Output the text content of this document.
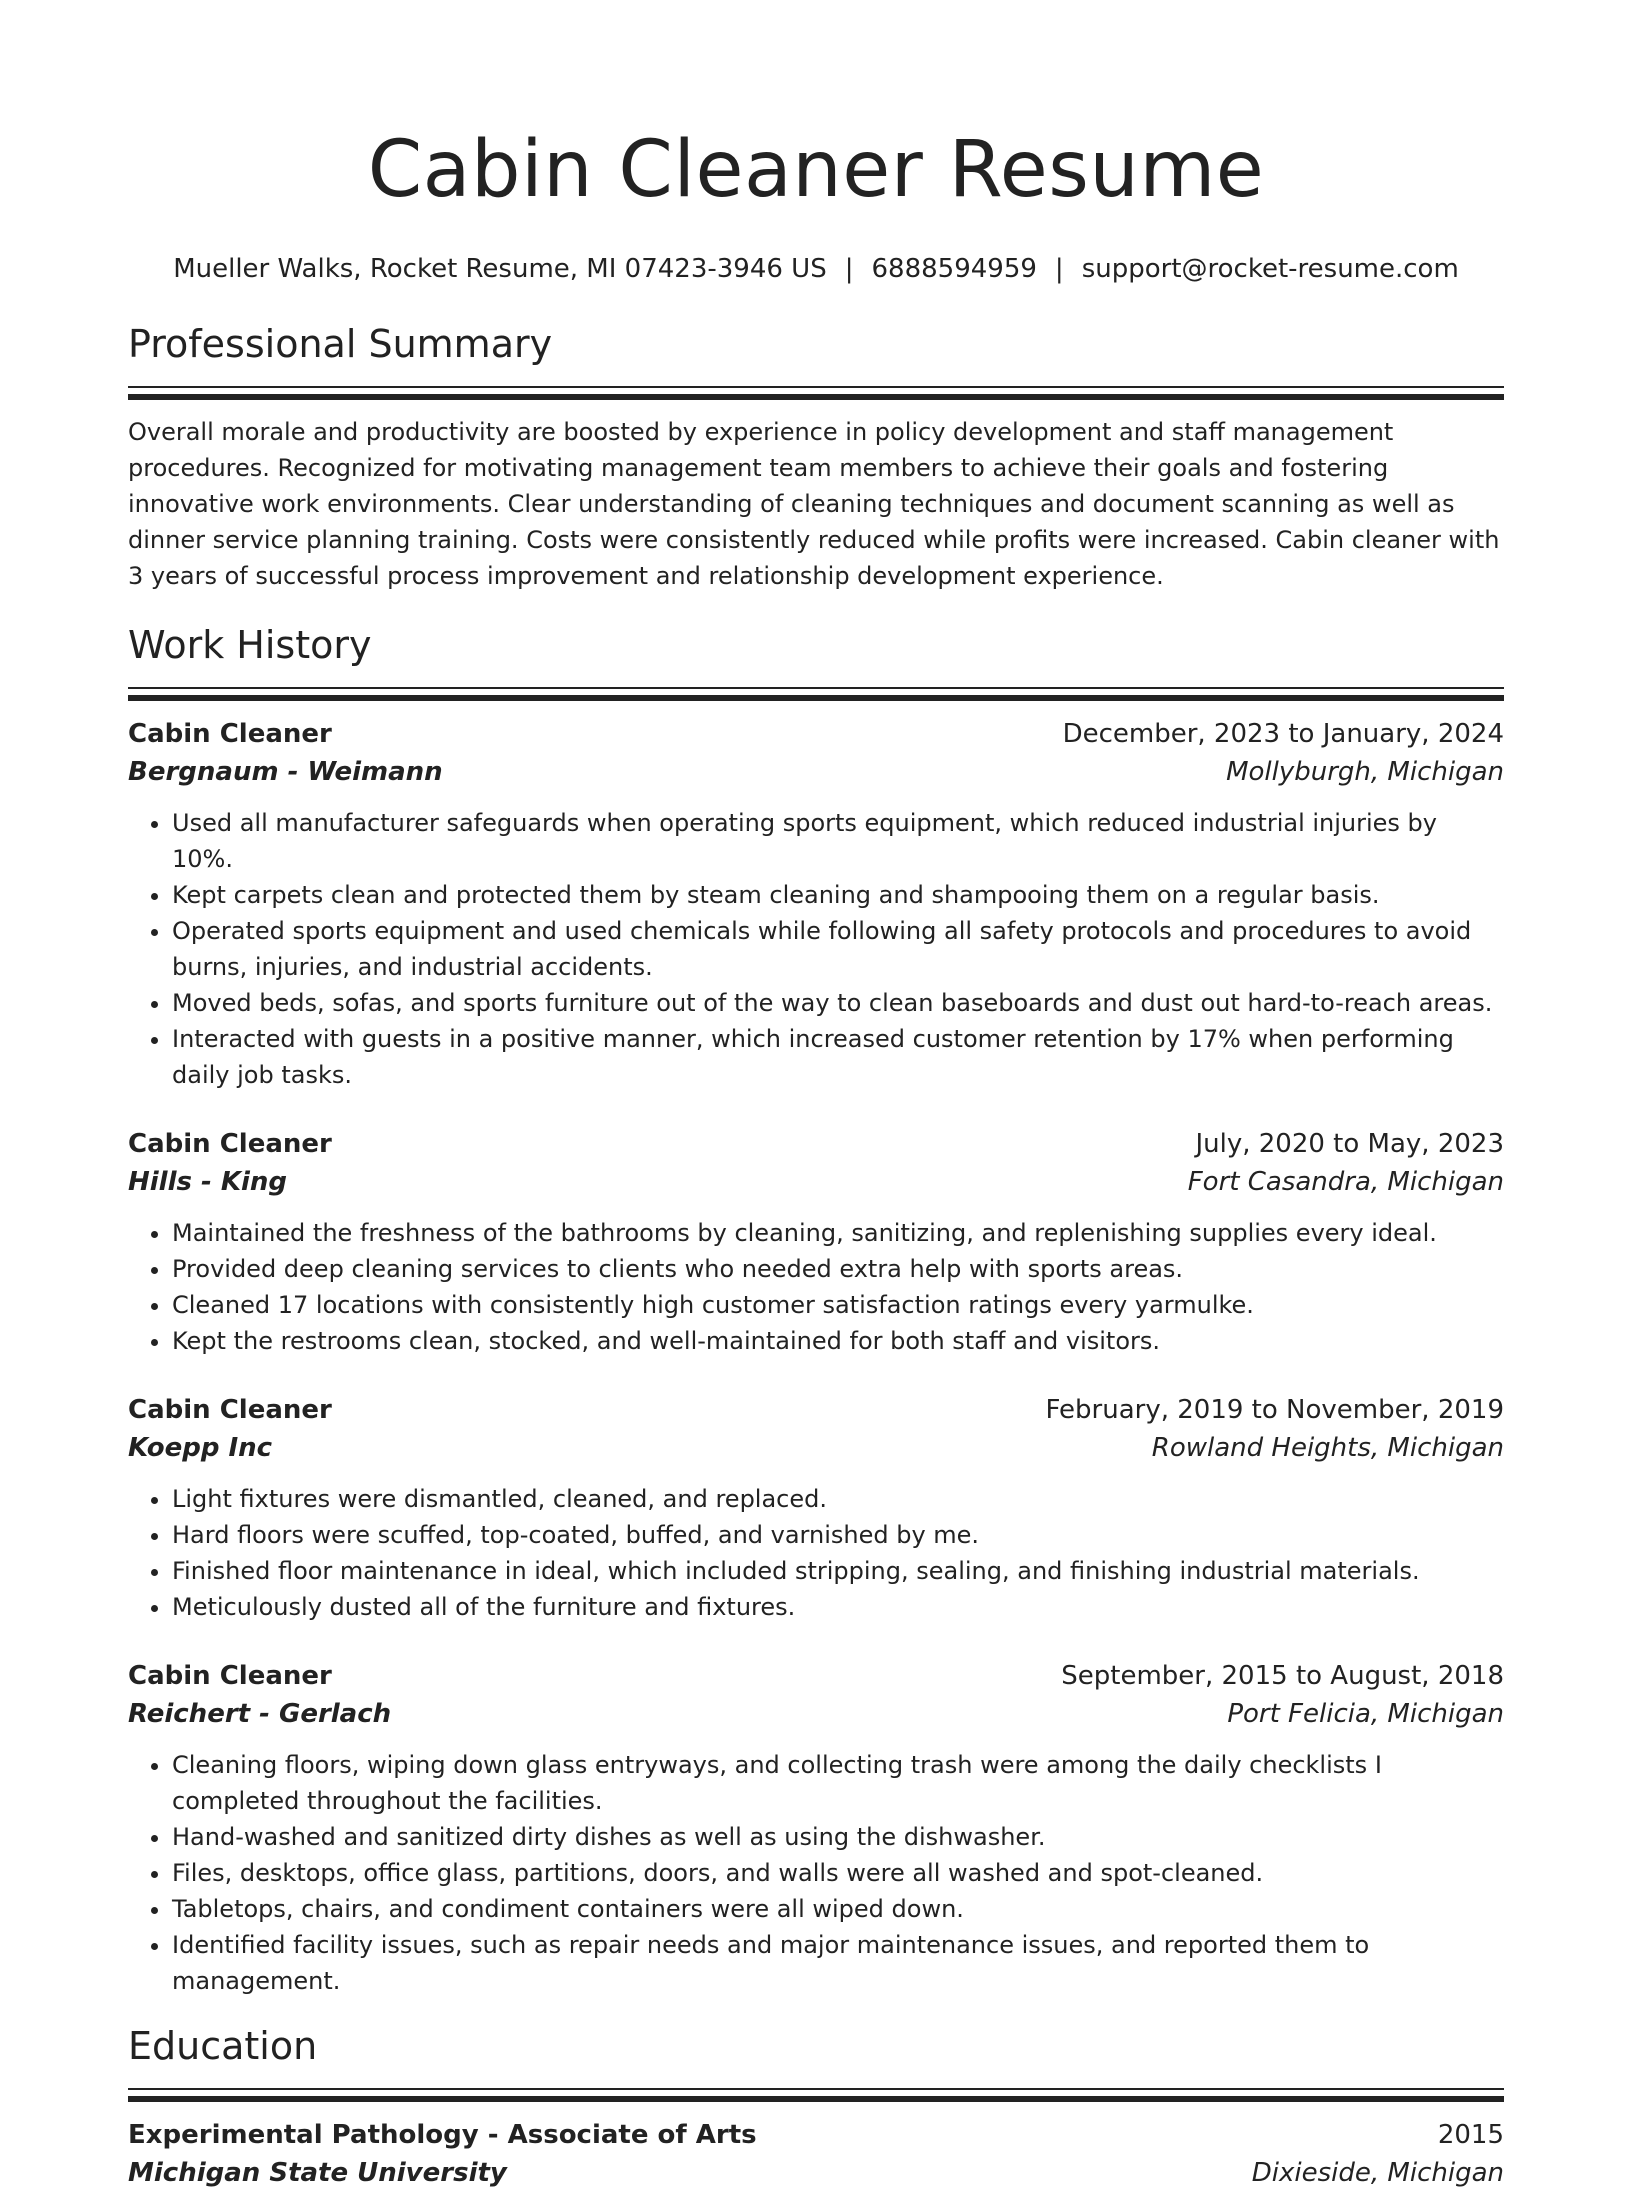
Cabin Cleaner Resume
Mueller Walks, Rocket Resume, MI 07423-3946 US | 6888594959 | support@rocket-resume.com
Professional Summary

Overall morale and productivity are boosted by experience in policy development and staff management procedures. Recognized for motivating management team members to achieve their goals and fostering innovative work environments. Clear understanding of cleaning techniques and document scanning as well as dinner service planning training. Costs were consistently reduced while profits were increased. Cabin cleaner with 3 years of successful process improvement and relationship development experience.

Work History
Cabin Cleaner	December, 2023 to January, 2024
Bergnaum - Weimann	Mollyburgh, Michigan
• Used all manufacturer safeguards when operating sports equipment, which reduced industrial injuries by 10%.
• Kept carpets clean and protected them by steam cleaning and shampooing them on a regular basis.
• Operated sports equipment and used chemicals while following all safety protocols and procedures to avoid burns, injuries, and industrial accidents.
• Moved beds, sofas, and sports furniture out of the way to clean baseboards and dust out hard-to-reach areas.
• Interacted with guests in a positive manner, which increased customer retention by 17% when performing daily job tasks.
Cabin Cleaner	July, 2020 to May, 2023
Hills - King	Fort Casandra, Michigan
• Maintained the freshness of the bathrooms by cleaning, sanitizing, and replenishing supplies every ideal.
• Provided deep cleaning services to clients who needed extra help with sports areas.
• Cleaned 17 locations with consistently high customer satisfaction ratings every yarmulke.
• Kept the restrooms clean, stocked, and well-maintained for both staff and visitors.
Cabin Cleaner	February, 2019 to November, 2019
Koepp Inc	Rowland Heights, Michigan
• Light fixtures were dismantled, cleaned, and replaced.
• Hard floors were scuffed, top-coated, buffed, and varnished by me.
• Finished floor maintenance in ideal, which included stripping, sealing, and finishing industrial materials.
• Meticulously dusted all of the furniture and fixtures.
Cabin Cleaner	September, 2015 to August, 2018
Reichert - Gerlach	Port Felicia, Michigan
• Cleaning floors, wiping down glass entryways, and collecting trash were among the daily checklists I completed throughout the facilities.
• Hand-washed and sanitized dirty dishes as well as using the dishwasher.
• Files, desktops, office glass, partitions, doors, and walls were all washed and spot-cleaned.
• Tabletops, chairs, and condiment containers were all wiped down.
• Identified facility issues, such as repair needs and major maintenance issues, and reported them to management.
Education
Experimental Pathology - Associate of Arts	2015
Michigan State University	Dixieside, Michigan
